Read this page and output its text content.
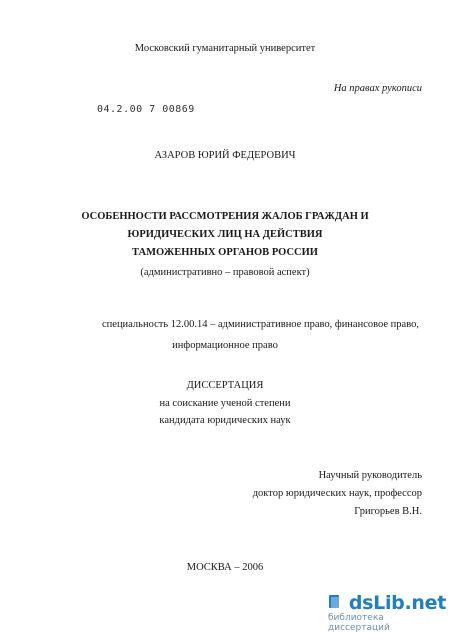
Московский гуманитарный университет
На правах рукописи
04.2.00 7 00869
АЗАРОВ ЮРИЙ ФЕДЕРОВИЧ
ОСОБЕННОСТИ РАССМОТРЕНИЯ ЖАЛОБ ГРАЖДАН И
ЮРИДИЧЕСКИХ ЛИЦ НА ДЕЙСТВИЯ
ТАМОЖЕННЫХ ОРГАНОВ РОССИИ
(административно – правовой аспект)
специальность 12.00.14 – административное право, финансовое право,
информационное право
ДИССЕРТАЦИЯ
на соискание ученой степени
кандидата юридических наук
Научный руководитель
доктор юридических наук, профессор
Григорьев В.Н.
МОСКВА – 2006
dsLib.net
библиотека диссертаций
